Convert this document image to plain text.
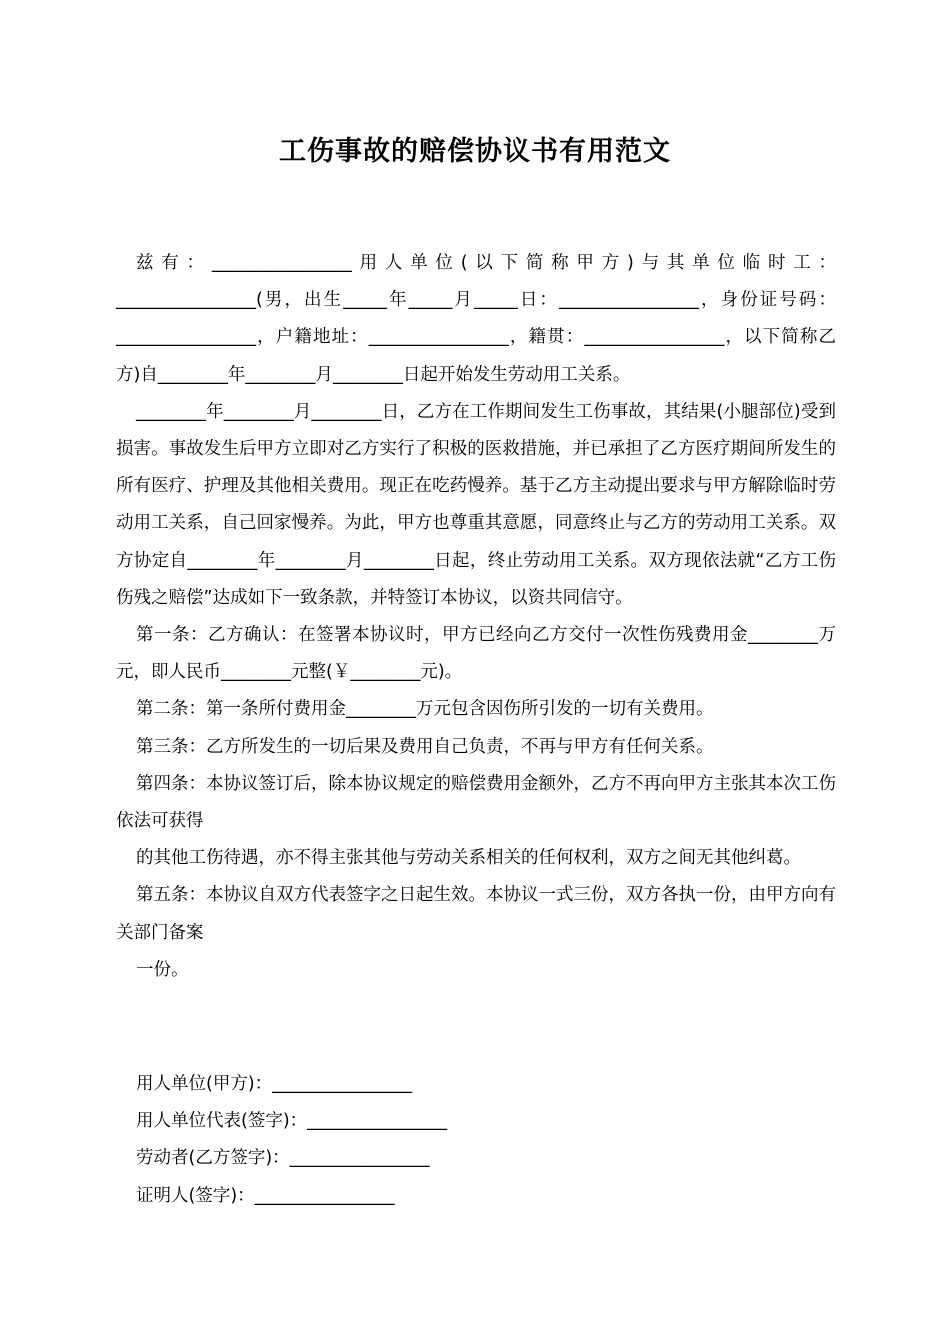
工伤事故的赔偿协议书有用范文

兹有：________________用人单位(以下简称甲方)与其单位临时工：________________(男，出生_____年_____月_____日：________________，身份证号码：________________，户籍地址：________________，籍贯：________________，以下简称乙方)自________年________月________日起开始发生劳动用工关系。

________年________月________日，乙方在工作期间发生工伤事故，其结果(小腿部位)受到损害。事故发生后甲方立即对乙方实行了积极的医救措施，并已承担了乙方医疗期间所发生的所有医疗、护理及其他相关费用。现正在吃药慢养。基于乙方主动提出要求与甲方解除临时劳动用工关系，自己回家慢养。为此，甲方也尊重其意愿，同意终止与乙方的劳动用工关系。双方协定自________年________月________日起，终止劳动用工关系。双方现依法就“乙方工伤伤残之赔偿”达成如下一致条款，并特签订本协议，以资共同信守。

第一条：乙方确认：在签署本协议时，甲方已经向乙方交付一次性伤残费用金________万元，即人民币________元整(￥________元)。

第二条：第一条所付费用金________万元包含因伤所引发的一切有关费用。

第三条：乙方所发生的一切后果及费用自己负责，不再与甲方有任何关系。

第四条：本协议签订后，除本协议规定的赔偿费用金额外，乙方不再向甲方主张其本次工伤依法可获得

的其他工伤待遇，亦不得主张其他与劳动关系相关的任何权利，双方之间无其他纠葛。

第五条：本协议自双方代表签字之日起生效。本协议一式三份，双方各执一份，由甲方向有关部门备案

一份。

用人单位(甲方)：________________
用人单位代表(签字)：________________
劳动者(乙方签字)：________________
证明人(签字)：________________
